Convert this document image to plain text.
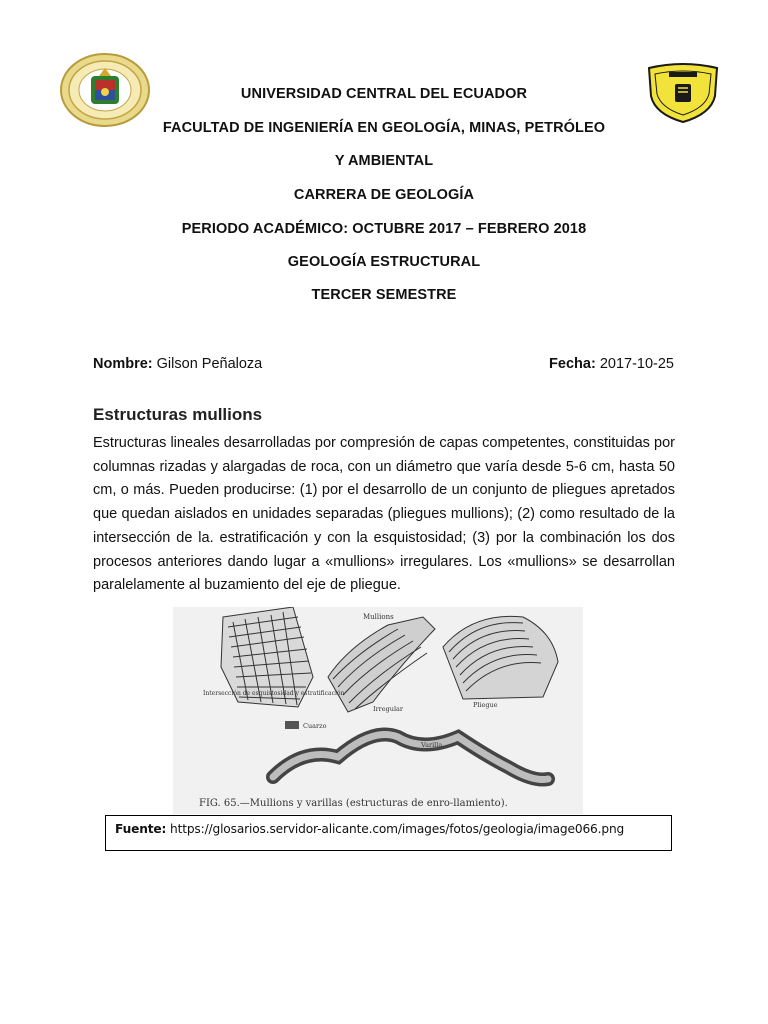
UNIVERSIDAD CENTRAL DEL ECUADOR
FACULTAD DE INGENIERÍA EN GEOLOGÍA, MINAS, PETRÓLEO
Y AMBIENTAL
CARRERA DE GEOLOGÍA
PERIODO ACADÉMICO: OCTUBRE 2017 – FEBRERO 2018
GEOLOGÍA ESTRUCTURAL
TERCER SEMESTRE
Nombre: Gilson Peñaloza	Fecha: 2017-10-25
Estructuras mullions
Estructuras lineales desarrolladas por compresión de capas competentes, constituidas por columnas rizadas y alargadas de roca, con un diámetro que varía desde 5-6 cm, hasta 50 cm, o más. Pueden producirse: (1) por el desarrollo de un conjunto de pliegues apretados que quedan aislados en unidades separadas (pliegues mullions); (2) como resultado de la intersección de la. estratificación y con la esquistosidad; (3) por la combinación los dos procesos anteriores dando lugar a «mullions» irregulares. Los «mullions» se desarrollan paralelamente al buzamiento del eje de pliegue.
Mullions
Intersección de esquistosidad y estratificación
Irregular	Pliegue
Cuarzo
Varilla
FIG. 65.—Mullions y varillas (estructuras de enro-llamiento).
Fuente: https://glosarios.servidor-alicante.com/images/fotos/geologia/image066.png
